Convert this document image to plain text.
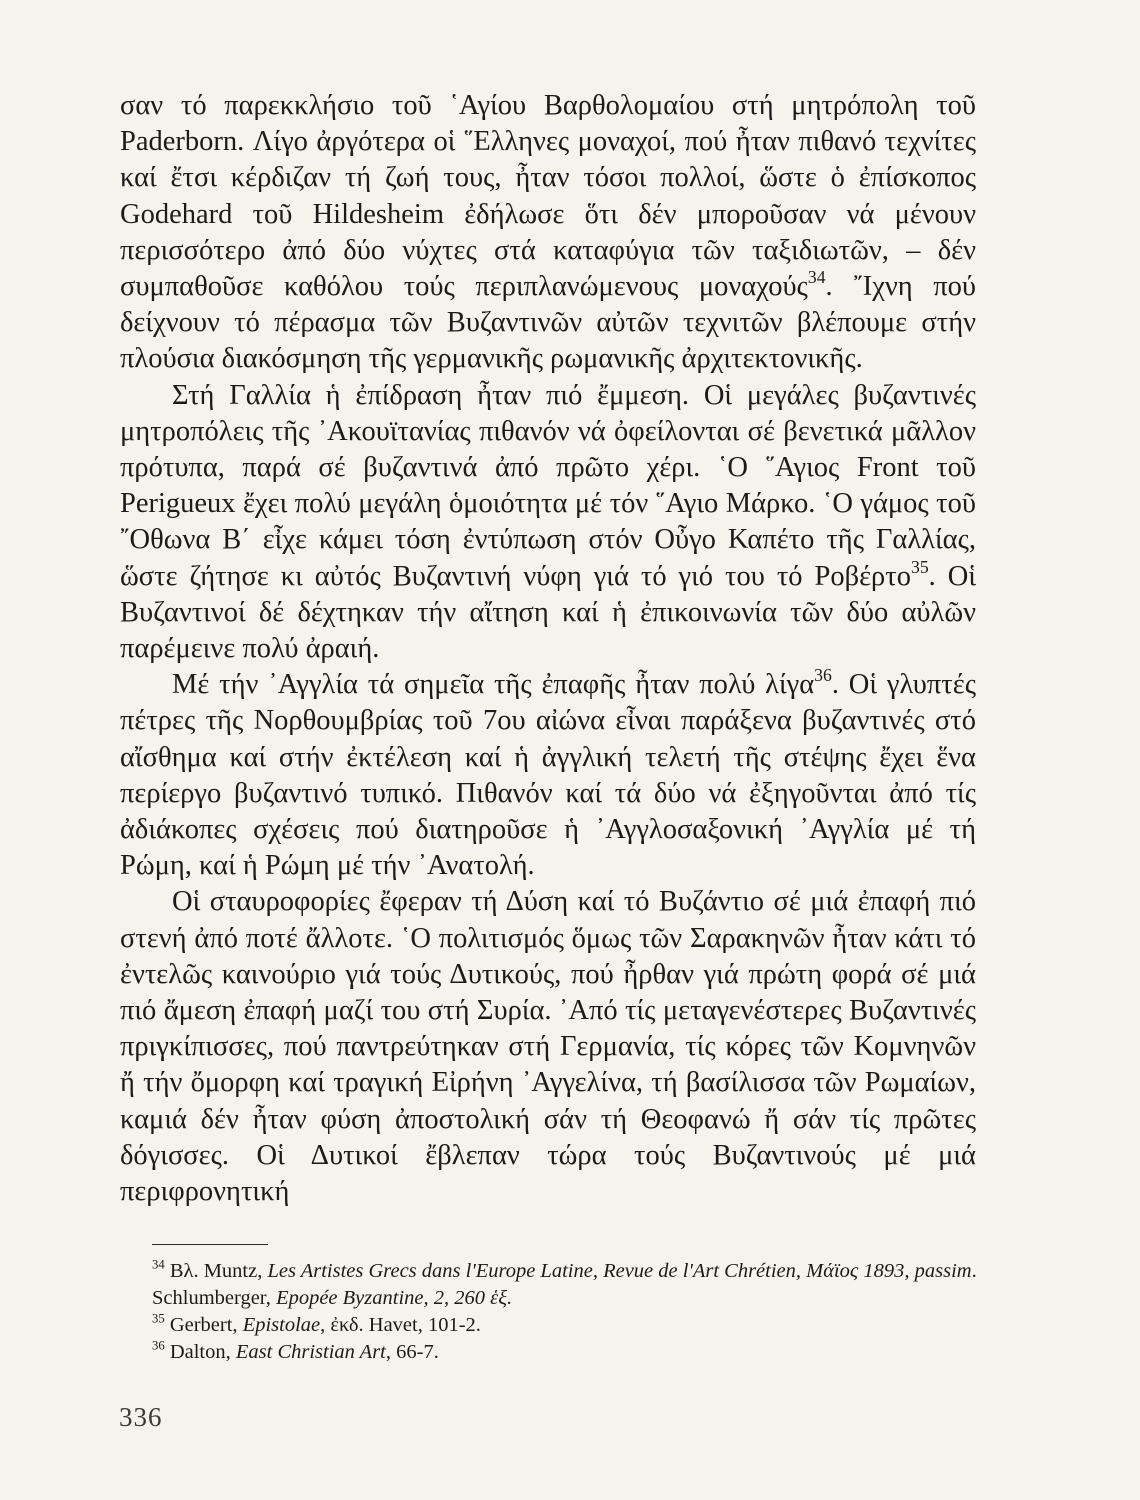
σαν τό παρεκκλήσιο τοῦ ῾Αγίου Βαρθολομαίου στή μητρόπολη τοῦ Paderborn. Λίγο ἀργότερα οἱ ῞Ελληνες μοναχοί, πού ἦταν πιθανό τεχνίτες καί ἔτσι κέρδιζαν τή ζωή τους, ἦταν τόσοι πολλοί, ὥστε ὁ ἐπίσκοπος Godehard τοῦ Hildesheim ἐδήλωσε ὅτι δέν μποροῦσαν νά μένουν περισσότερο ἀπό δύο νύχτες στά καταφύγια τῶν ταξιδιωτῶν, – δέν συμπαθοῦσε καθόλου τούς περιπλανώμενους μοναχούς$^{34}$. ῎Ιχνη πού δείχνουν τό πέρασμα τῶν Βυζαντινῶν αὐτῶν τεχνιτῶν βλέπουμε στήν πλούσια διακόσμηση τῆς γερμανικῆς ρωμανικῆς ἀρχιτεκτονικῆς.

Στή Γαλλία ἡ ἐπίδραση ἦταν πιό ἔμμεση. Οἱ μεγάλες βυζαντινές μητροπόλεις τῆς ᾿Ακουϊτανίας πιθανόν νά ὀφείλονται σέ βενετικά μᾶλλον πρότυπα, παρά σέ βυζαντινά ἀπό πρῶτο χέρι. ῾Ο ῞Αγιος Front τοῦ Perigueux ἔχει πολύ μεγάλη ὁμοιότητα μέ τόν ῞Αγιο Μάρκο. ῾Ο γάμος τοῦ ῎Οθωνα Β΄ εἶχε κάμει τόση ἐντύπωση στόν Οὖγο Καπέτο τῆς Γαλλίας, ὥστε ζήτησε κι αὐτός Βυζαντινή νύφη γιά τό γιό του τό Ροβέρτο$^{35}$. Οἱ Βυζαντινοί δέ δέχτηκαν τήν αἴτηση καί ἡ ἐπικοινωνία τῶν δύο αὐλῶν παρέμεινε πολύ ἀραιή.

Μέ τήν ᾿Αγγλία τά σημεῖα τῆς ἐπαφῆς ἦταν πολύ λίγα$^{36}$. Οἱ γλυπτές πέτρες τῆς Νορθουμβρίας τοῦ 7ου αἰώνα εἶναι παράξενα βυζαντινές στό αἴσθημα καί στήν ἐκτέλεση καί ἡ ἀγγλική τελετή τῆς στέψης ἔχει ἕνα περίεργο βυζαντινό τυπικό. Πιθανόν καί τά δύο νά ἐξηγοῦνται ἀπό τίς ἀδιάκοπες σχέσεις πού διατηροῦσε ἡ ᾿Αγγλοσαξονική ᾿Αγγλία μέ τή Ρώμη, καί ἡ Ρώμη μέ τήν ᾿Ανατολή.

Οἱ σταυροφορίες ἔφεραν τή Δύση καί τό Βυζάντιο σέ μιά ἐπαφή πιό στενή ἀπό ποτέ ἄλλοτε. ῾Ο πολιτισμός ὅμως τῶν Σαρακηνῶν ἦταν κάτι τό ἐντελῶς καινούριο γιά τούς Δυτικούς, πού ἦρθαν γιά πρώτη φορά σέ μιά πιό ἄμεση ἐπαφή μαζί του στή Συρία. ᾿Από τίς μεταγενέστερες Βυζαντινές πριγκίπισσες, πού παντρεύτηκαν στή Γερμανία, τίς κόρες τῶν Κομνηνῶν ἤ τήν ὄμορφη καί τραγική Εἰρήνη ᾿Αγγελίνα, τή βασίλισσα τῶν Ρωμαίων, καμιά δέν ἦταν φύση ἀποστολική σάν τή Θεοφανώ ἤ σάν τίς πρῶτες δόγισσες. Οἱ Δυτικοί ἔβλεπαν τώρα τούς Βυζαντινούς μέ μιά περιφρονητική

$^{34}$ Βλ. Muntz, Les Artistes Grecs dans l'Europe Latine, Revue de l'Art Chrétien, Μάϊος 1893, passim. Schlumberger, Epopée Byzantine, 2, 260 ἑξ.

$^{35}$ Gerbert, Epistolae, ἐκδ. Havet, 101-2.

$^{36}$ Dalton, East Christian Art, 66-7.

336
